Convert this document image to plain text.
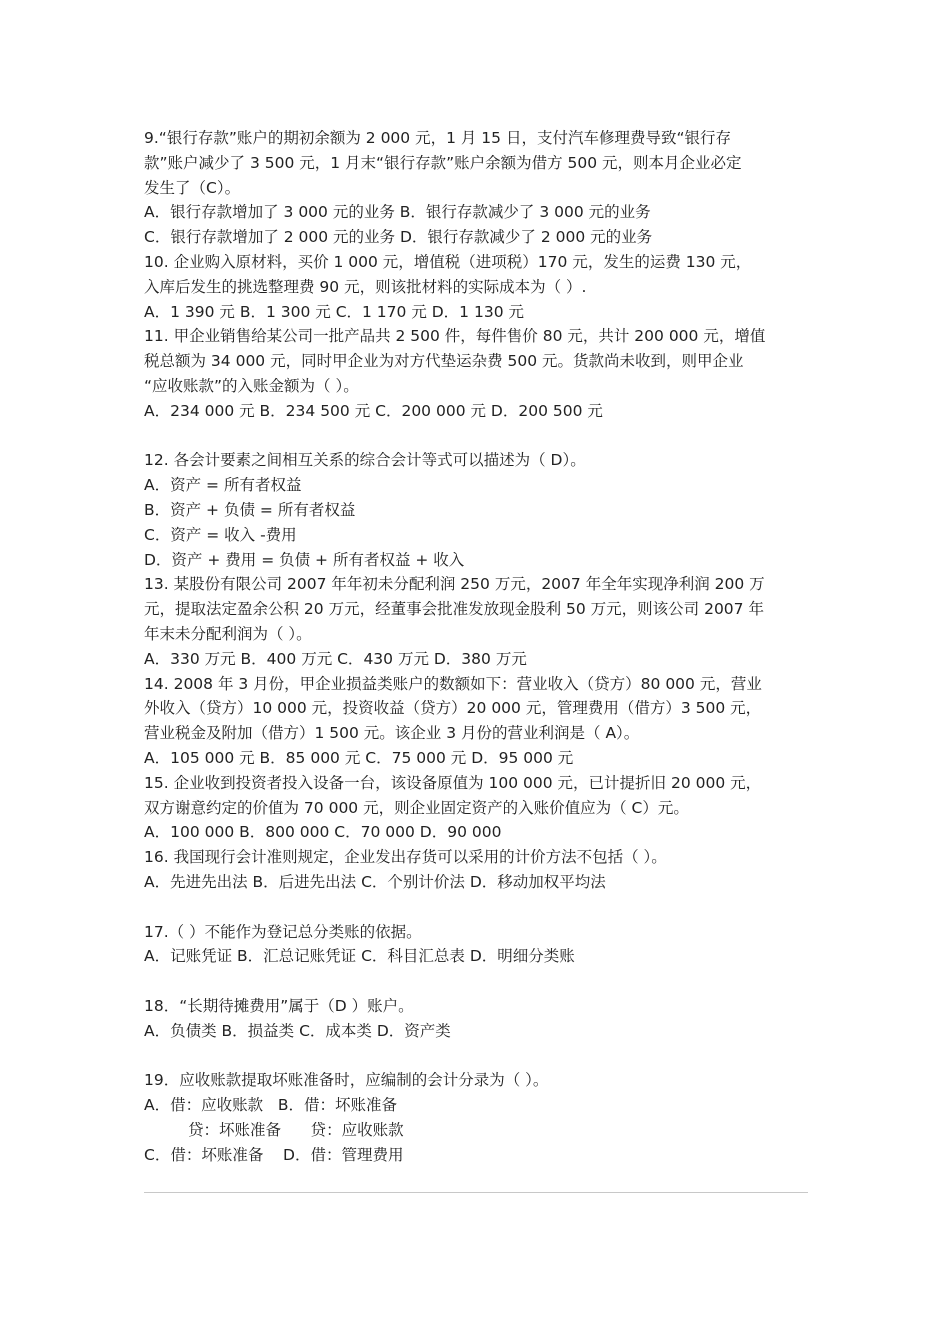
9.“银行存款”账户的期初余额为 2 000 元，1 月 15 日，支付汽车修理费导致“银行存
款”账户减少了 3 500 元，1 月末“银行存款”账户余额为借方 500 元，则本月企业必定
发生了（C）。
A．银行存款增加了 3 000 元的业务 B．银行存款减少了 3 000 元的业务
C．银行存款增加了 2 000 元的业务 D．银行存款减少了 2 000 元的业务
10. 企业购入原材料，买价 1 000 元，增值税（进项税）170 元，发生的运费 130 元，
入库后发生的挑选整理费 90 元，则该批材料的实际成本为（ ）.
A．1 390 元 B．1 300 元 C．1 170 元 D．1 130 元
11. 甲企业销售给某公司一批产品共 2 500 件，每件售价 80 元，共计 200 000 元，增值
税总额为 34 000 元，同时甲企业为对方代垫运杂费 500 元。货款尚未收到，则甲企业
“应收账款”的入账金额为（ ）。
A．234 000 元 B．234 500 元 C．200 000 元 D．200 500 元
12. 各会计要素之间相互关系的综合会计等式可以描述为（ D）。
A．资产 = 所有者权益
B．资产 + 负债 = 所有者权益
C．资产 = 收入 -费用
D．资产 + 费用 = 负债 + 所有者权益 + 收入
13. 某股份有限公司 2007 年年初未分配利润 250 万元，2007 年全年实现净利润 200 万
元，提取法定盈余公积 20 万元，经董事会批准发放现金股利 50 万元，则该公司 2007 年
年末未分配利润为（ ）。
A．330 万元 B．400 万元 C．430 万元 D．380 万元
14. 2008 年 3 月份，甲企业损益类账户的数额如下：营业收入（贷方）80 000 元，营业
外收入（贷方）10 000 元，投资收益（贷方）20 000 元，管理费用（借方）3 500 元，
营业税金及附加（借方）1 500 元。该企业 3 月份的营业利润是（ A）。
A．105 000 元 B．85 000 元 C．75 000 元 D．95 000 元
15. 企业收到投资者投入设备一台，该设备原值为 100 000 元，已计提折旧 20 000 元，
双方谢意约定的价值为 70 000 元，则企业固定资产的入账价值应为（ C）元。
A．100 000 B．800 000 C．70 000 D．90 000
16. 我国现行会计准则规定，企业发出存货可以采用的计价方法不包括（ ）。
A．先进先出法 B．后进先出法 C．个别计价法 D．移动加权平均法
17.（ ）不能作为登记总分类账的依据。
A．记账凭证 B．汇总记账凭证 C．科目汇总表 D．明细分类账
18．“长期待摊费用”属于（D ）账户。
A．负债类 B．损益类 C．成本类 D．资产类
19．应收账款提取坏账准备时，应编制的会计分录为（ ）。
A．借：应收账款   B．借：坏账准备
贷：坏账准备      贷：应收账款
C．借：坏账准备    D．借：管理费用
